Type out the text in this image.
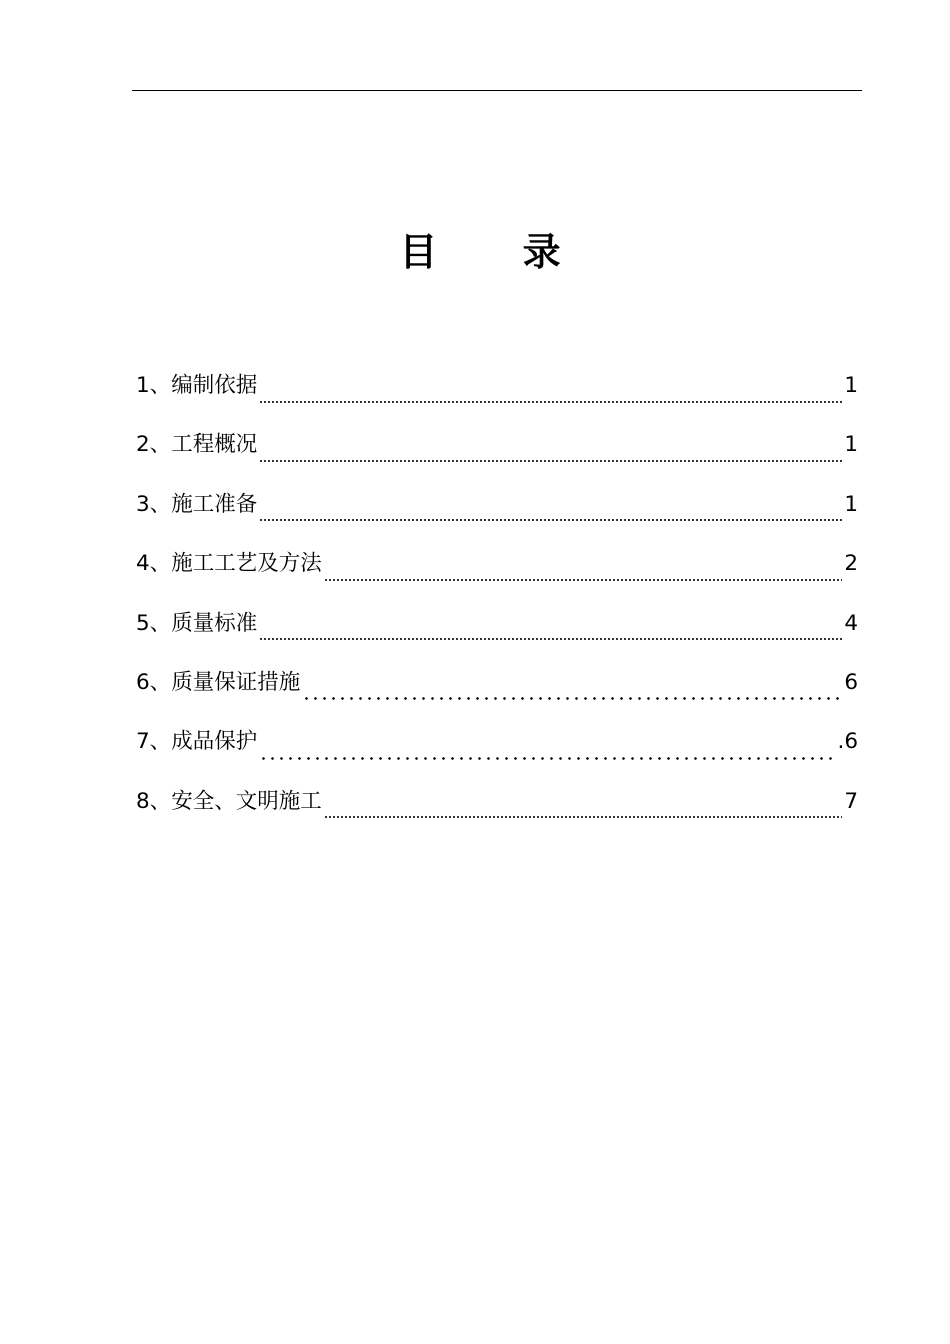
目 录
1、 编制依据	1
2、 工程概况	1
3、 施工准备	1
4、 施工工艺及方法	2
5、 质量标准	4
6、 质量保证措施	6
7、 成品保护	.6
8、 安全、文明施工	7
